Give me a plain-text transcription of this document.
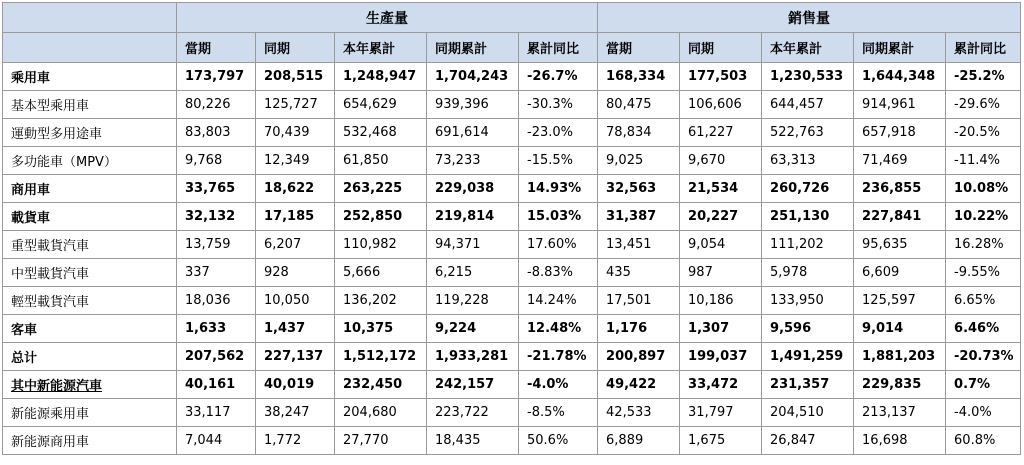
	生產量					銷售量				
	當期	同期	本年累計	同期累計	累計同比	當期	同期	本年累計	同期累計	累計同比
乘用車	173,797	208,515	1,248,947	1,704,243	-26.7%	168,334	177,503	1,230,533	1,644,348	-25.2%
基本型乘用車	80,226	125,727	654,629	939,396	-30.3%	80,475	106,606	644,457	914,961	-29.6%
運動型多用途車	83,803	70,439	532,468	691,614	-23.0%	78,834	61,227	522,763	657,918	-20.5%
多功能車（MPV）	9,768	12,349	61,850	73,233	-15.5%	9,025	9,670	63,313	71,469	-11.4%
商用車	33,765	18,622	263,225	229,038	14.93%	32,563	21,534	260,726	236,855	10.08%
載貨車	32,132	17,185	252,850	219,814	15.03%	31,387	20,227	251,130	227,841	10.22%
重型載貨汽車	13,759	6,207	110,982	94,371	17.60%	13,451	9,054	111,202	95,635	16.28%
中型載貨汽車	337	928	5,666	6,215	-8.83%	435	987	5,978	6,609	-9.55%
輕型載貨汽車	18,036	10,050	136,202	119,228	14.24%	17,501	10,186	133,950	125,597	6.65%
客車	1,633	1,437	10,375	9,224	12.48%	1,176	1,307	9,596	9,014	6.46%
总计	207,562	227,137	1,512,172	1,933,281	-21.78%	200,897	199,037	1,491,259	1,881,203	-20.73%
其中新能源汽車	40,161	40,019	232,450	242,157	-4.0%	49,422	33,472	231,357	229,835	0.7%
新能源乘用車	33,117	38,247	204,680	223,722	-8.5%	42,533	31,797	204,510	213,137	-4.0%
新能源商用車	7,044	1,772	27,770	18,435	50.6%	6,889	1,675	26,847	16,698	60.8%
